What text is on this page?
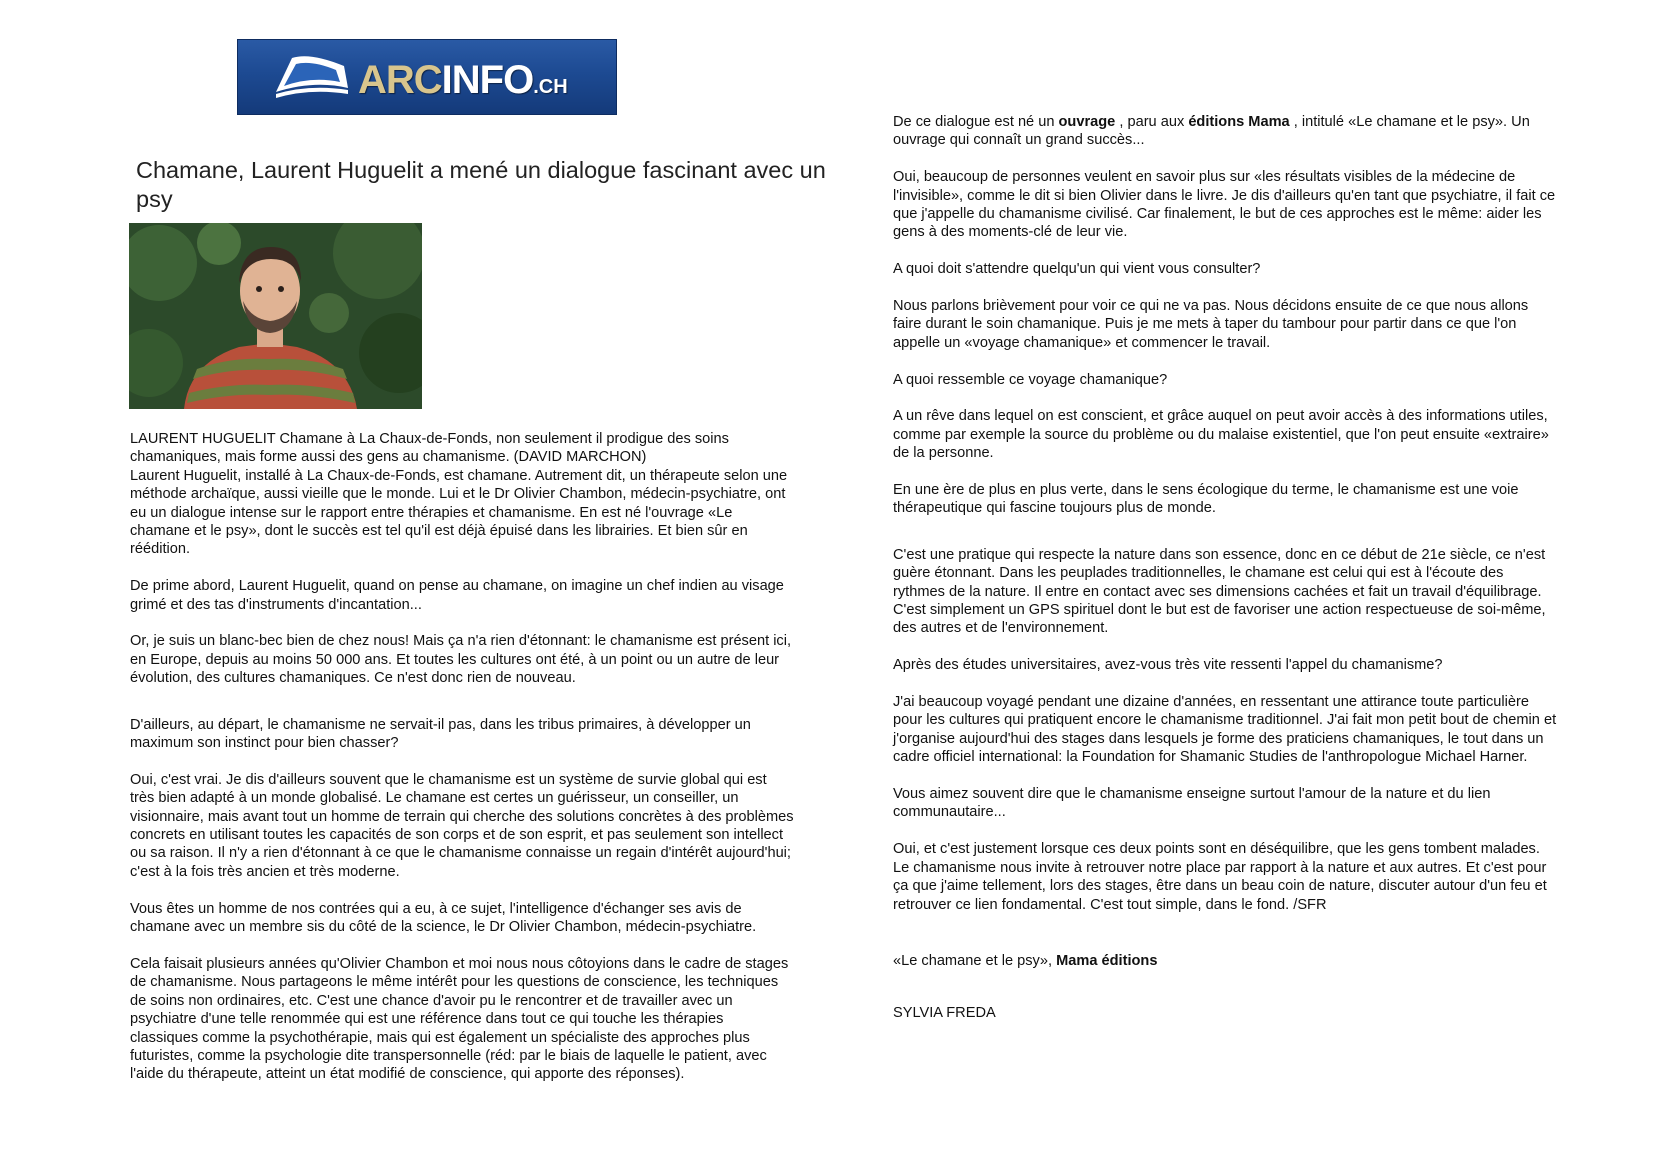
ARCINFO.CH
Chamane, Laurent Huguelit a mené un dialogue fascinant avec un psy

LAURENT HUGUELIT Chamane à La Chaux-de-Fonds, non seulement il prodigue des soins chamaniques, mais forme aussi des gens au chamanisme. (DAVID MARCHON)

Laurent Huguelit, installé à La Chaux-de-Fonds, est chamane. Autrement dit, un thérapeute selon une méthode archaïque, aussi vieille que le monde. Lui et le Dr Olivier Chambon, médecin-psychiatre, ont eu un dialogue intense sur le rapport entre thérapies et chamanisme. En est né l'ouvrage «Le chamane et le psy», dont le succès est tel qu'il est déjà épuisé dans les librairies. Et bien sûr en réédition.

De prime abord, Laurent Huguelit, quand on pense au chamane, on imagine un chef indien au visage grimé et des tas d'instruments d'incantation...

Or, je suis un blanc-bec bien de chez nous! Mais ça n'a rien d'étonnant: le chamanisme est présent ici, en Europe, depuis au moins 50 000 ans. Et toutes les cultures ont été, à un point ou un autre de leur évolution, des cultures chamaniques. Ce n'est donc rien de nouveau.

D'ailleurs, au départ, le chamanisme ne servait-il pas, dans les tribus primaires, à développer un maximum son instinct pour bien chasser?

Oui, c'est vrai. Je dis d'ailleurs souvent que le chamanisme est un système de survie global qui est très bien adapté à un monde globalisé. Le chamane est certes un guérisseur, un conseiller, un visionnaire, mais avant tout un homme de terrain qui cherche des solutions concrètes à des problèmes concrets en utilisant toutes les capacités de son corps et de son esprit, et pas seulement son intellect ou sa raison. Il n'y a rien d'étonnant à ce que le chamanisme connaisse un regain d'intérêt aujourd'hui; c'est à la fois très ancien et très moderne.

Vous êtes un homme de nos contrées qui a eu, à ce sujet, l'intelligence d'échanger ses avis de chamane avec un membre sis du côté de la science, le Dr Olivier Chambon, médecin-psychiatre.

Cela faisait plusieurs années qu'Olivier Chambon et moi nous nous côtoyions dans le cadre de stages de chamanisme. Nous partageons le même intérêt pour les questions de conscience, les techniques de soins non ordinaires, etc. C'est une chance d'avoir pu le rencontrer et de travailler avec un psychiatre d'une telle renommée qui est une référence dans tout ce qui touche les thérapies classiques comme la psychothérapie, mais qui est également un spécialiste des approches plus futuristes, comme la psychologie dite transpersonnelle (réd: par le biais de laquelle le patient, avec l'aide du thérapeute, atteint un état modifié de conscience, qui apporte des réponses).

De ce dialogue est né un ouvrage , paru aux éditions Mama , intitulé «Le chamane et le psy». Un ouvrage qui connaît un grand succès...

Oui, beaucoup de personnes veulent en savoir plus sur «les résultats visibles de la médecine de l'invisible», comme le dit si bien Olivier dans le livre. Je dis d'ailleurs qu'en tant que psychiatre, il fait ce que j'appelle du chamanisme civilisé. Car finalement, le but de ces approches est le même: aider les gens à des moments-clé de leur vie.

A quoi doit s'attendre quelqu'un qui vient vous consulter?

Nous parlons brièvement pour voir ce qui ne va pas. Nous décidons ensuite de ce que nous allons faire durant le soin chamanique. Puis je me mets à taper du tambour pour partir dans ce que l'on appelle un «voyage chamanique» et commencer le travail.

A quoi ressemble ce voyage chamanique?

A un rêve dans lequel on est conscient, et grâce auquel on peut avoir accès à des informations utiles, comme par exemple la source du problème ou du malaise existentiel, que l'on peut ensuite «extraire» de la personne.

En une ère de plus en plus verte, dans le sens écologique du terme, le chamanisme est une voie thérapeutique qui fascine toujours plus de monde.

C'est une pratique qui respecte la nature dans son essence, donc en ce début de 21e siècle, ce n'est guère étonnant. Dans les peuplades traditionnelles, le chamane est celui qui est à l'écoute des rythmes de la nature. Il entre en contact avec ses dimensions cachées et fait un travail d'équilibrage. C'est simplement un GPS spirituel dont le but est de favoriser une action respectueuse de soi-même, des autres et de l'environnement.

Après des études universitaires, avez-vous très vite ressenti l'appel du chamanisme?

J'ai beaucoup voyagé pendant une dizaine d'années, en ressentant une attirance toute particulière pour les cultures qui pratiquent encore le chamanisme traditionnel. J'ai fait mon petit bout de chemin et j'organise aujourd'hui des stages dans lesquels je forme des praticiens chamaniques, le tout dans un cadre officiel international: la Foundation for Shamanic Studies de l'anthropologue Michael Harner.

Vous aimez souvent dire que le chamanisme enseigne surtout l'amour de la nature et du lien communautaire...

Oui, et c'est justement lorsque ces deux points sont en déséquilibre, que les gens tombent malades. Le chamanisme nous invite à retrouver notre place par rapport à la nature et aux autres. Et c'est pour ça que j'aime tellement, lors des stages, être dans un beau coin de nature, discuter autour d'un feu et retrouver ce lien fondamental. C'est tout simple, dans le fond. /SFR

«Le chamane et le psy», Mama éditions

SYLVIA FREDA
